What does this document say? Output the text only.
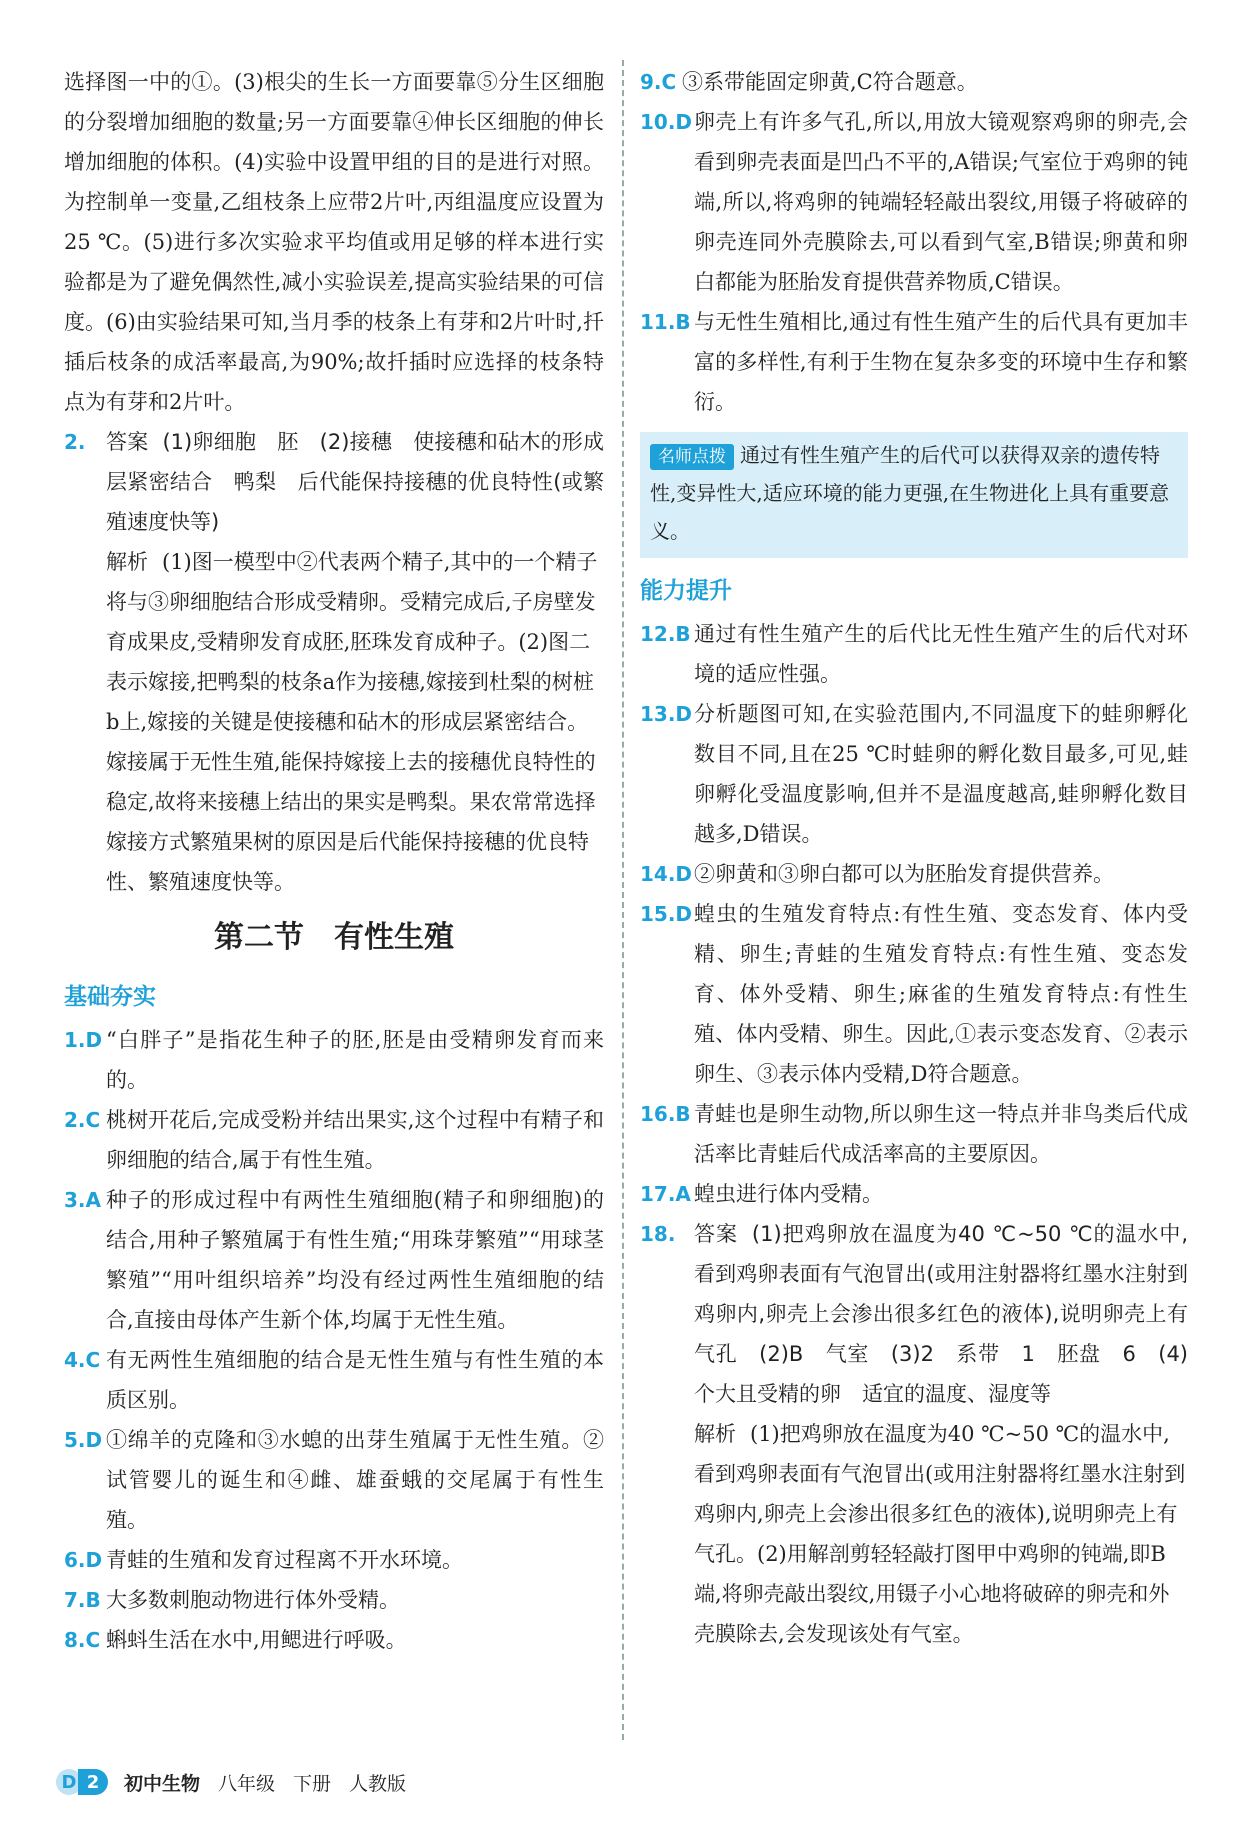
选择图一中的①。(3)根尖的生长一方面要靠⑤分生区细胞的分裂增加细胞的数量;另一方面要靠④伸长区细胞的伸长增加细胞的体积。(4)实验中设置甲组的目的是进行对照。为控制单一变量,乙组枝条上应带2片叶,丙组温度应设置为25 ℃。(5)进行多次实验求平均值或用足够的样本进行实验都是为了避免偶然性,减小实验误差,提高实验结果的可信度。(6)由实验结果可知,当月季的枝条上有芽和2片叶时,扦插后枝条的成活率最高,为90%;故扦插时应选择的枝条特点为有芽和2片叶。

2. 答案 (1)卵细胞　胚　(2)接穗　使接穗和砧木的形成层紧密结合　鸭梨　后代能保持接穗的优良特性(或繁殖速度快等)
解析 (1)图一模型中②代表两个精子,其中的一个精子将与③卵细胞结合形成受精卵。受精完成后,子房壁发育成果皮,受精卵发育成胚,胚珠发育成种子。(2)图二表示嫁接,把鸭梨的枝条a作为接穗,嫁接到杜梨的树桩b上,嫁接的关键是使接穗和砧木的形成层紧密结合。嫁接属于无性生殖,能保持嫁接上去的接穗优良特性的稳定,故将来接穗上结出的果实是鸭梨。果农常常选择嫁接方式繁殖果树的原因是后代能保持接穗的优良特性、繁殖速度快等。
第二节　有性生殖
基础夯实
1.D “白胖子”是指花生种子的胚,胚是由受精卵发育而来的。
2.C 桃树开花后,完成受粉并结出果实,这个过程中有精子和卵细胞的结合,属于有性生殖。
3.A 种子的形成过程中有两性生殖细胞(精子和卵细胞)的结合,用种子繁殖属于有性生殖;“用珠芽繁殖”“用球茎繁殖”“用叶组织培养”均没有经过两性生殖细胞的结合,直接由母体产生新个体,均属于无性生殖。
4.C 有无两性生殖细胞的结合是无性生殖与有性生殖的本质区别。
5.D ①绵羊的克隆和③水螅的出芽生殖属于无性生殖。②试管婴儿的诞生和④雌、雄蚕蛾的交尾属于有性生殖。
6.D 青蛙的生殖和发育过程离不开水环境。
7.B 大多数刺胞动物进行体外受精。
8.C 蝌蚪生活在水中,用鳃进行呼吸。
9.C ③系带能固定卵黄,C符合题意。
10.D 卵壳上有许多气孔,所以,用放大镜观察鸡卵的卵壳,会看到卵壳表面是凹凸不平的,A错误;气室位于鸡卵的钝端,所以,将鸡卵的钝端轻轻敲出裂纹,用镊子将破碎的卵壳连同外壳膜除去,可以看到气室,B错误;卵黄和卵白都能为胚胎发育提供营养物质,C错误。
11.B 与无性生殖相比,通过有性生殖产生的后代具有更加丰富的多样性,有利于生物在复杂多变的环境中生存和繁衍。
名师点拨 通过有性生殖产生的后代可以获得双亲的遗传特性,变异性大,适应环境的能力更强,在生物进化上具有重要意义。
能力提升
12.B 通过有性生殖产生的后代比无性生殖产生的后代对环境的适应性强。
13.D 分析题图可知,在实验范围内,不同温度下的蛙卵孵化数目不同,且在25 ℃时蛙卵的孵化数目最多,可见,蛙卵孵化受温度影响,但并不是温度越高,蛙卵孵化数目越多,D错误。
14.D ②卵黄和③卵白都可以为胚胎发育提供营养。
15.D 蝗虫的生殖发育特点:有性生殖、变态发育、体内受精、卵生;青蛙的生殖发育特点:有性生殖、变态发育、体外受精、卵生;麻雀的生殖发育特点:有性生殖、体内受精、卵生。因此,①表示变态发育、②表示卵生、③表示体内受精,D符合题意。
16.B 青蛙也是卵生动物,所以卵生这一特点并非鸟类后代成活率比青蛙后代成活率高的主要原因。
17.A 蝗虫进行体内受精。
18. 答案 (1)把鸡卵放在温度为40 ℃~50 ℃的温水中,看到鸡卵表面有气泡冒出(或用注射器将红墨水注射到鸡卵内,卵壳上会渗出很多红色的液体),说明卵壳上有气孔　(2)B　气室　(3)2　系带　1　胚盘　6　(4)个大且受精的卵　适宜的温度、湿度等
解析 (1)把鸡卵放在温度为40 ℃~50 ℃的温水中,看到鸡卵表面有气泡冒出(或用注射器将红墨水注射到鸡卵内,卵壳上会渗出很多红色的液体),说明卵壳上有气孔。(2)用解剖剪轻轻敲打图甲中鸡卵的钝端,即B端,将卵壳敲出裂纹,用镊子小心地将破碎的卵壳和外壳膜除去,会发现该处有气室。
D 2	初中生物 八年级 下册 人教版
